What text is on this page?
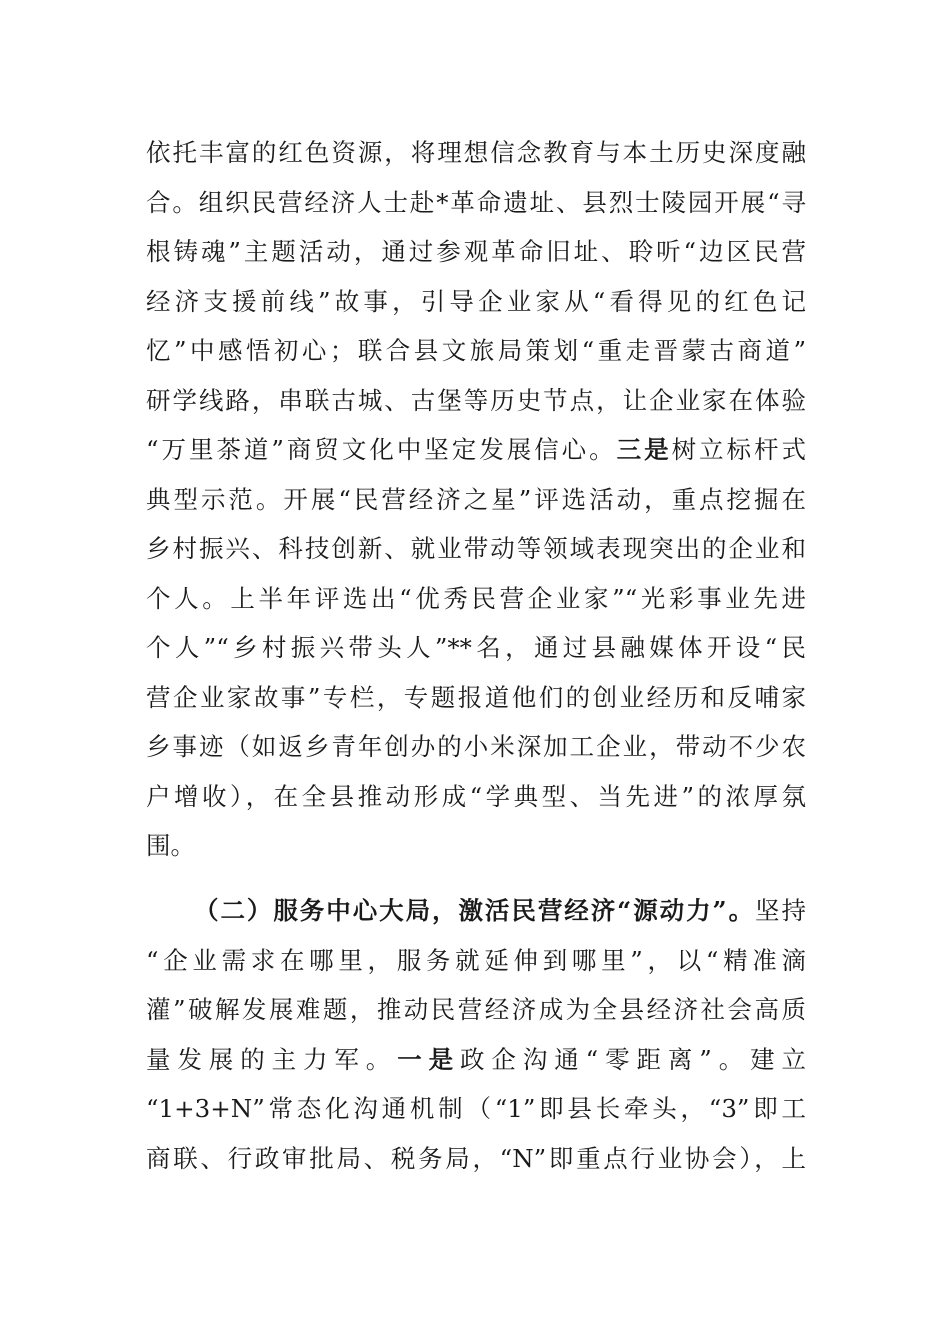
依托丰富的红色资源，将理想信念教育与本土历史深度融
合。组织民营经济人士赴*革命遗址、县烈士陵园开展“寻
根铸魂”主题活动，通过参观革命旧址、聆听“边区民营
经济支援前线”故事，引导企业家从“看得见的红色记
忆”中感悟初心；联合县文旅局策划“重走晋蒙古商道”
研学线路，串联古城、古堡等历史节点，让企业家在体验
“万里茶道”商贸文化中坚定发展信心。三是树立标杆式
典型示范。开展“民营经济之星”评选活动，重点挖掘在
乡村振兴、科技创新、就业带动等领域表现突出的企业和
个人。上半年评选出“优秀民营企业家”“光彩事业先进
个人”“乡村振兴带头人”**名，通过县融媒体开设“民
营企业家故事”专栏，专题报道他们的创业经历和反哺家
乡事迹（如返乡青年创办的小米深加工企业，带动不少农
户增收），在全县推动形成“学典型、当先进”的浓厚氛
围。
（二）服务中心大局，激活民营经济“源动力”。坚持
“企业需求在哪里，服务就延伸到哪里”，以“精准滴
灌”破解发展难题，推动民营经济成为全县经济社会高质
量发展的主力军。一是政企沟通“零距离”。建立
“1+3+N”常态化沟通机制（“1”即县长牵头，“3”即工
商联、行政审批局、税务局，“N”即重点行业协会），上
